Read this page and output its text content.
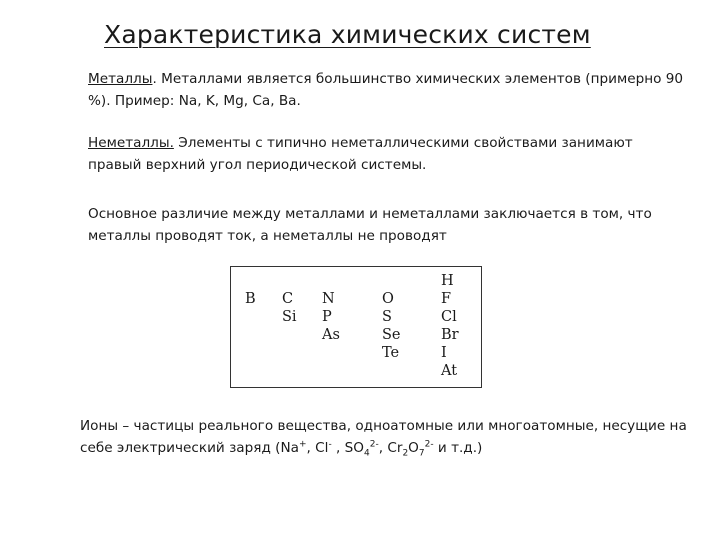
Характеристика химических систем
Металлы. Металлами является большинство химических элементов (примерно 90 %). Пример: Na, K, Mg, Ca, Ba.
Неметаллы. Элементы с типично неметаллическими свойствами занимают правый верхний угол периодической системы.
Основное различие между металлами и неметаллами заключается в том, что металлы проводят ток, а неметаллы не проводят
B C
Si
N
P
As
O
S
Se
Te
H
F
Cl
Br
I
At
Ионы – частицы реального вещества, одноатомные или многоатомные, несущие на себе электрический заряд (Na+, Cl- , $SO_4^{2-}$, $Cr_2O_7^{2-}$ и т.д.)
